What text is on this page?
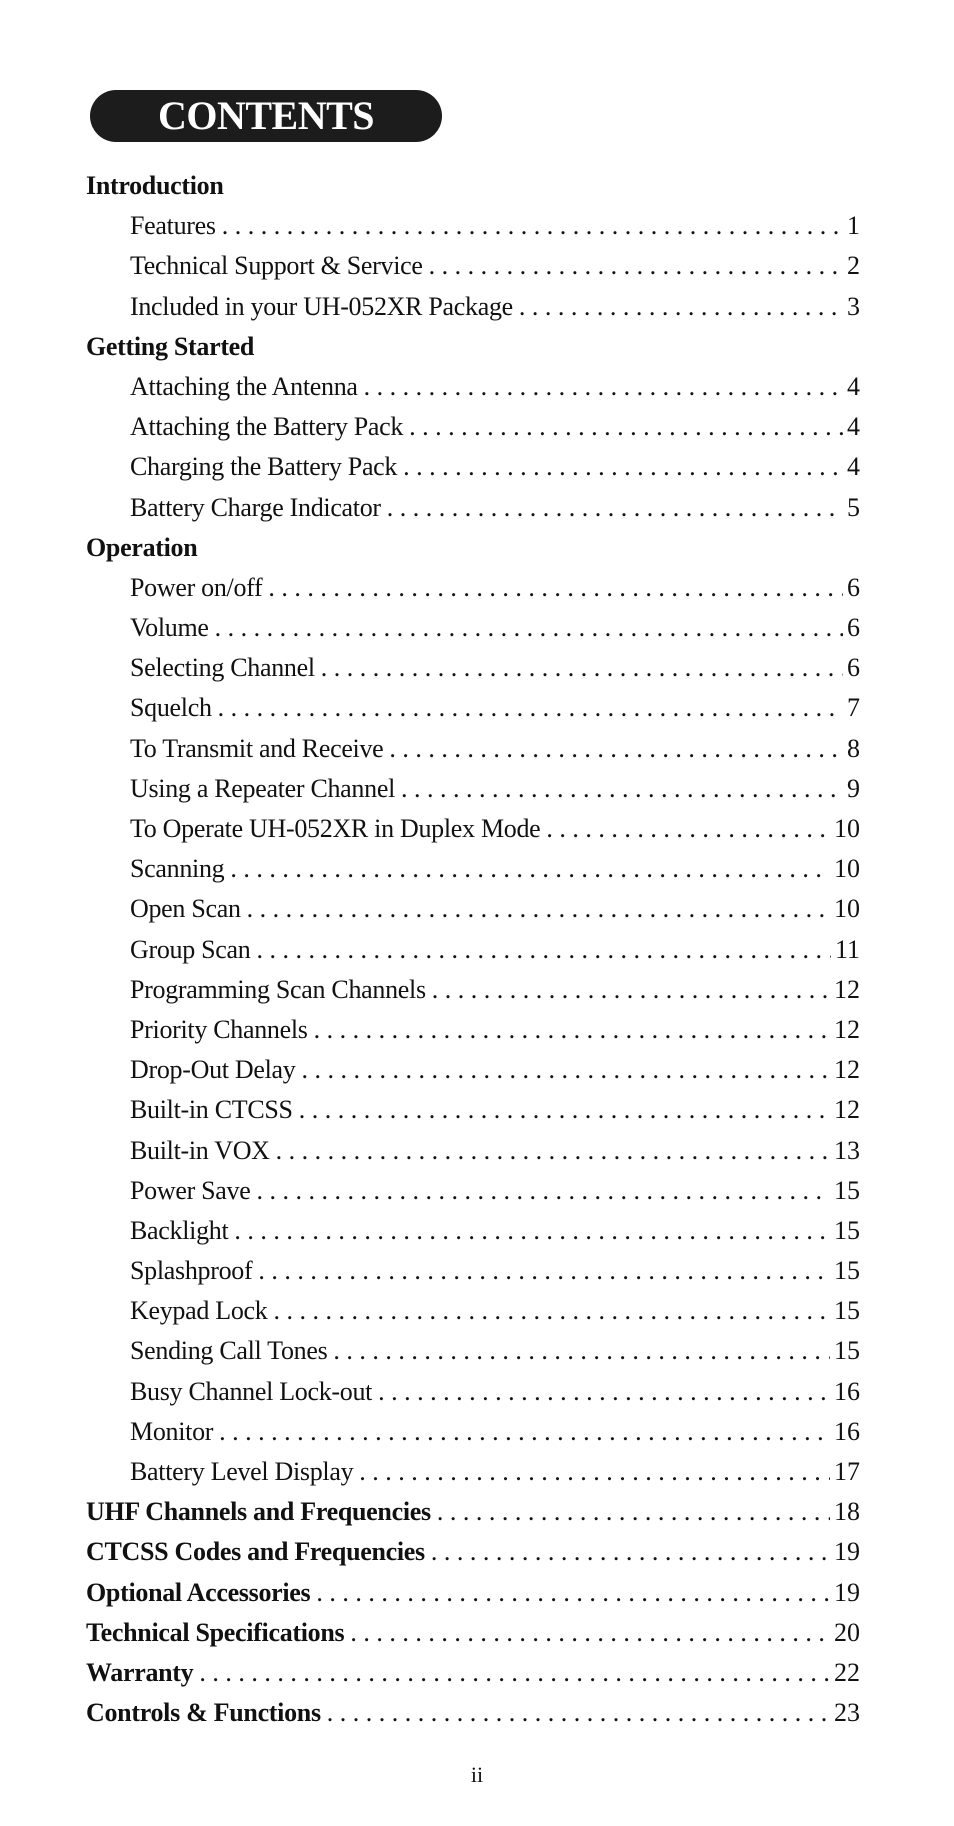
CONTENTS
Introduction
Features . . .	1
Technical Support & Service . . .	2
Included in your UH-052XR Package . . .	3
Getting Started
Attaching the Antenna . . .	4
Attaching the Battery Pack . . .	4
Charging the Battery Pack . . .	4
Battery Charge Indicator . . .	5
Operation
Power on/off . . .	6
Volume . . .	6
Selecting Channel . . .	6
Squelch . . .	7
To Transmit and Receive . . .	8
Using a Repeater Channel . . .	9
To Operate UH-052XR in Duplex Mode . . .	10
Scanning . . .	10
Open Scan . . .	10
Group Scan . . .	11
Programming Scan Channels . . .	12
Priority Channels . . .	12
Drop-Out Delay . . .	12
Built-in CTCSS . . .	12
Built-in VOX . . .	13
Power Save . . .	15
Backlight . . .	15
Splashproof . . .	15
Keypad Lock . . .	15
Sending Call Tones . . .	15
Busy Channel Lock-out . . .	16
Monitor . . .	16
Battery Level Display . . .	17
UHF Channels and Frequencies . . .	18
CTCSS Codes and Frequencies . . .	19
Optional Accessories . . .	19
Technical Specifications . . .	20
Warranty . . .	22
Controls & Functions . . .	23
ii
